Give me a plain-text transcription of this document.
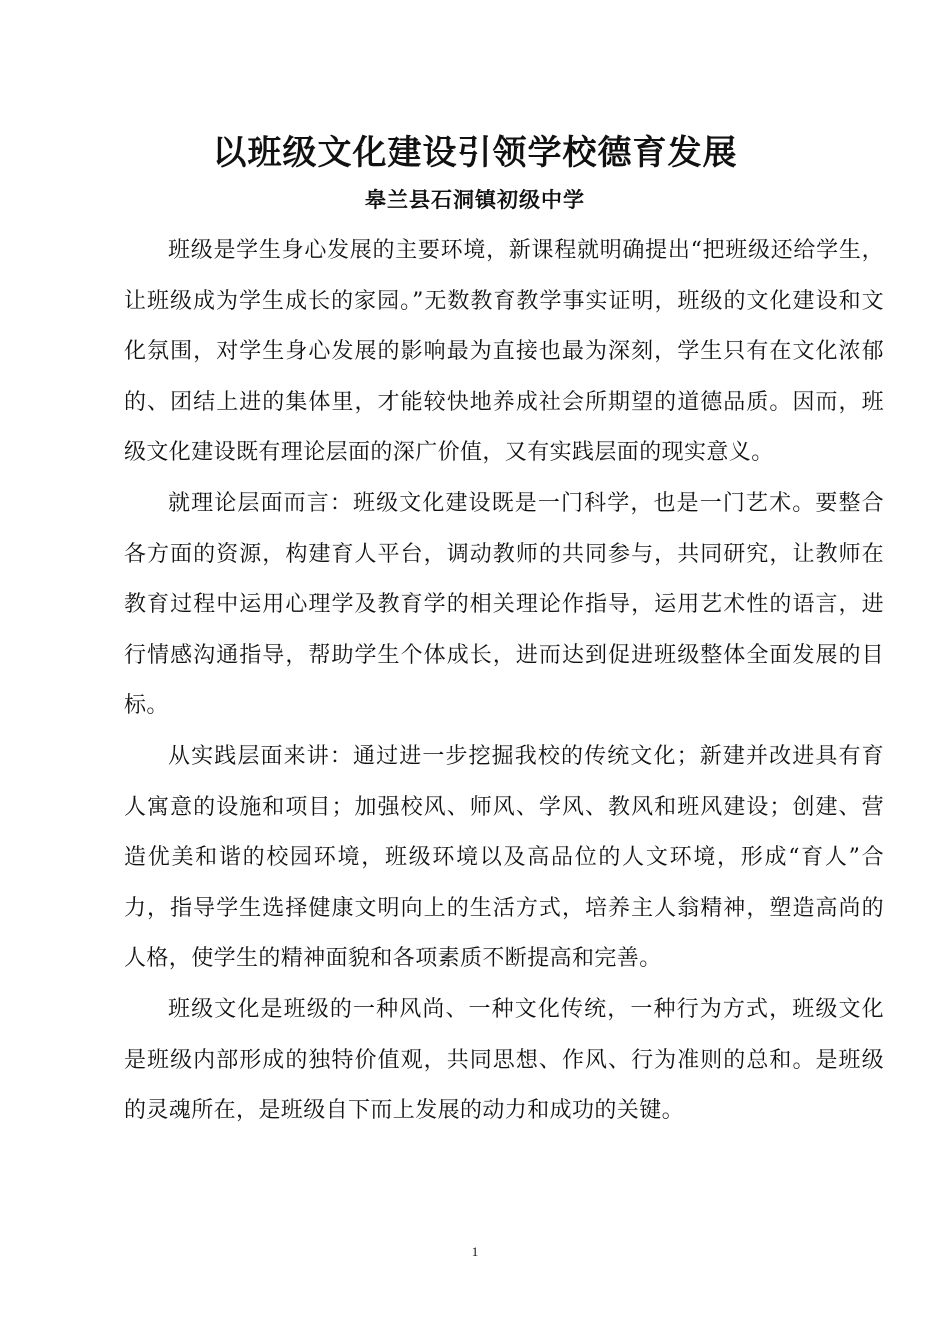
以班级文化建设引领学校德育发展
皋兰县石洞镇初级中学

班级是学生身心发展的主要环境，新课程就明确提出“把班级还给学生，让班级成为学生成长的家园。”无数教育教学事实证明，班级的文化建设和文化氛围，对学生身心发展的影响最为直接也最为深刻，学生只有在文化浓郁的、团结上进的集体里，才能较快地养成社会所期望的道德品质。因而，班级文化建设既有理论层面的深广价值，又有实践层面的现实意义。

就理论层面而言：班级文化建设既是一门科学，也是一门艺术。要整合各方面的资源，构建育人平台，调动教师的共同参与，共同研究，让教师在教育过程中运用心理学及教育学的相关理论作指导，运用艺术性的语言，进行情感沟通指导，帮助学生个体成长，进而达到促进班级整体全面发展的目标。

从实践层面来讲：通过进一步挖掘我校的传统文化；新建并改进具有育人寓意的设施和项目；加强校风、师风、学风、教风和班风建设；创建、营造优美和谐的校园环境，班级环境以及高品位的人文环境，形成“育人”合力，指导学生选择健康文明向上的生活方式，培养主人翁精神，塑造高尚的人格，使学生的精神面貌和各项素质不断提高和完善。

班级文化是班级的一种风尚、一种文化传统，一种行为方式，班级文化是班级内部形成的独特价值观，共同思想、作风、行为准则的总和。是班级的灵魂所在，是班级自下而上发展的动力和成功的关键。

1
